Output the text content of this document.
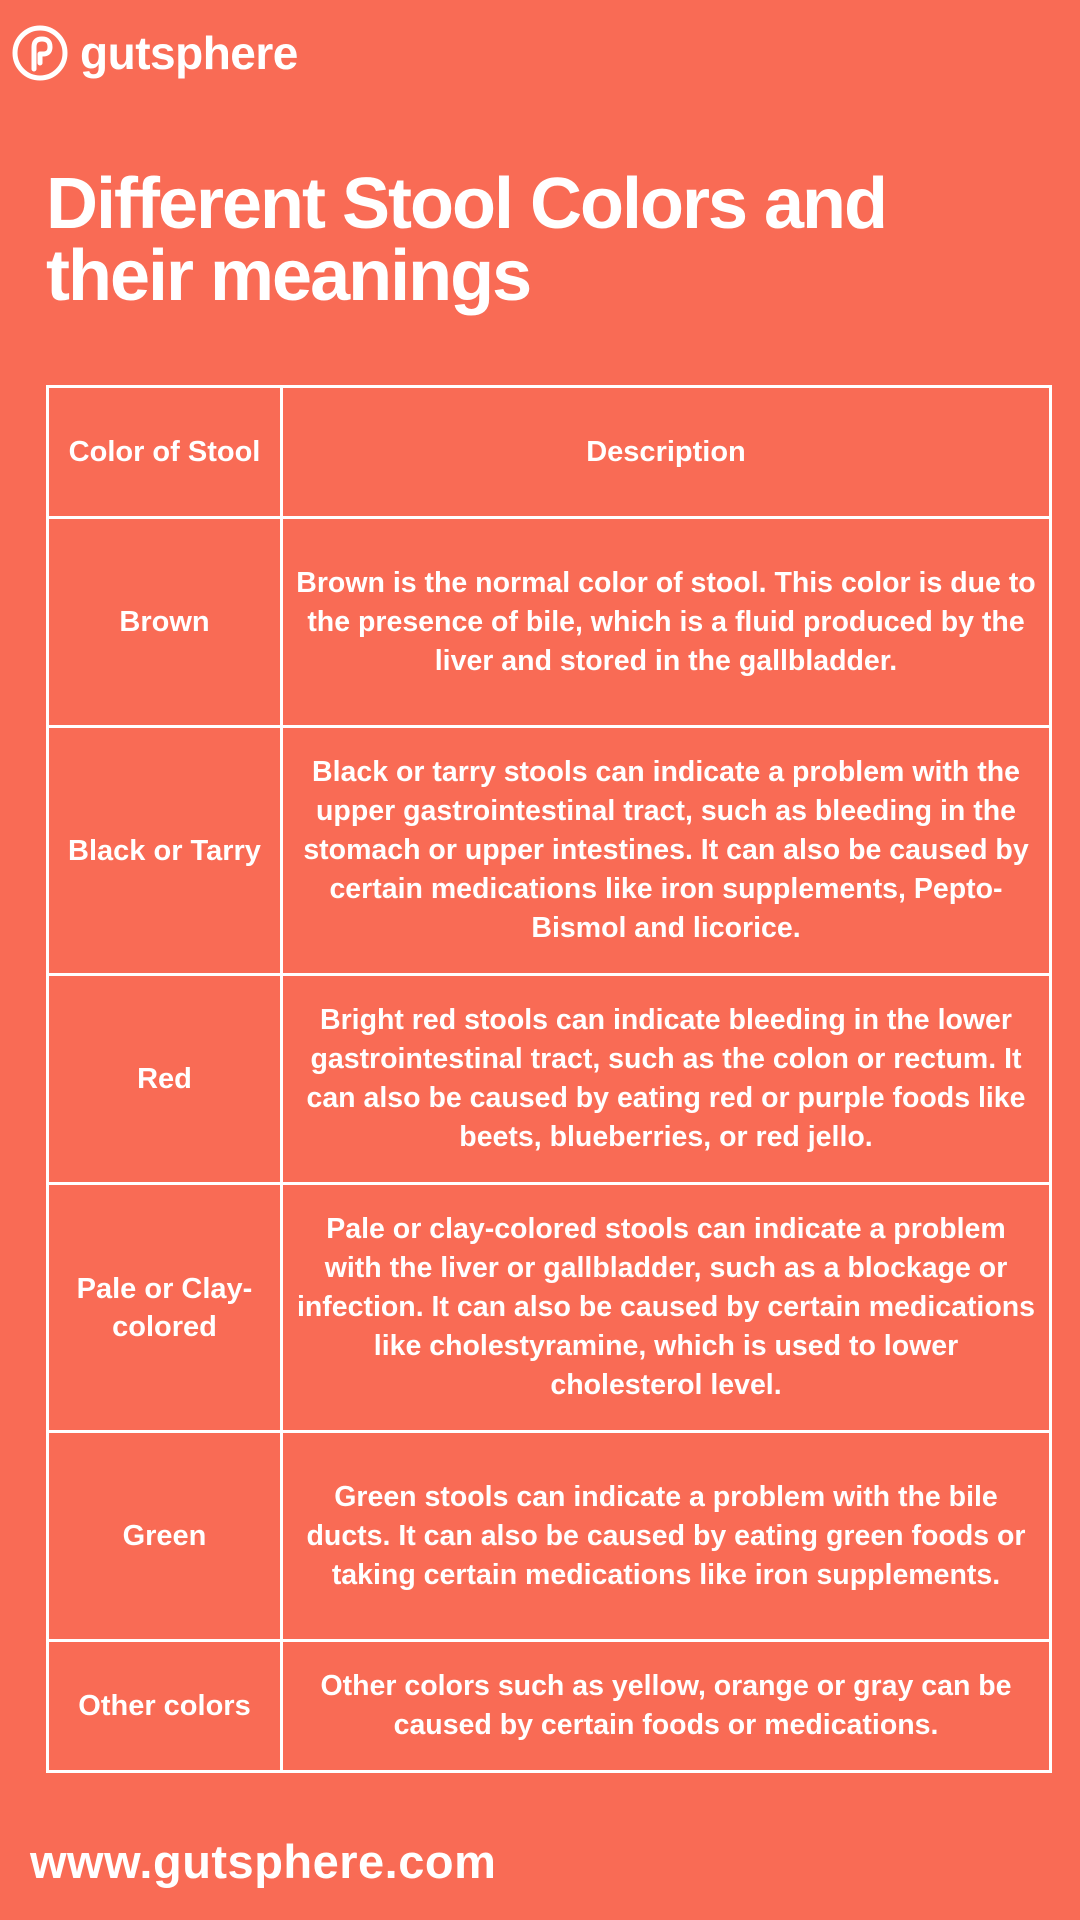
gutsphere
Different Stool Colors and their meanings
Color of Stool	Description
Brown	Brown is the normal color of stool. This color is due to the presence of bile, which is a fluid produced by the liver and stored in the gallbladder.
Black or Tarry	Black or tarry stools can indicate a problem with the upper gastrointestinal tract, such as bleeding in the stomach or upper intestines. It can also be caused by certain medications like iron supplements, Pepto-Bismol and licorice.
Red	Bright red stools can indicate bleeding in the lower gastrointestinal tract, such as the colon or rectum. It can also be caused by eating red or purple foods like beets, blueberries, or red jello.
Pale or Clay-colored	Pale or clay-colored stools can indicate a problem with the liver or gallbladder, such as a blockage or infection. It can also be caused by certain medications like cholestyramine, which is used to lower cholesterol level.
Green	Green stools can indicate a problem with the bile ducts. It can also be caused by eating green foods or taking certain medications like iron supplements.
Other colors	Other colors such as yellow, orange or gray can be caused by certain foods or medications.
www.gutsphere.com
